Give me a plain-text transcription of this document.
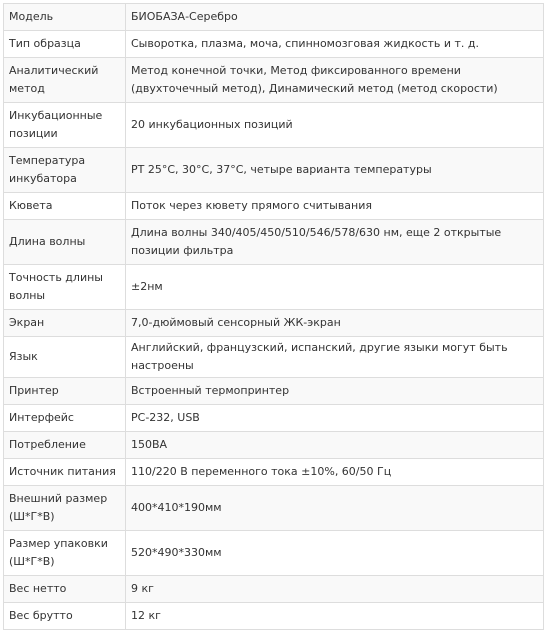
Модель	БИОБАЗА-Серебро
Тип образца	Сыворотка, плазма, моча, спинномозговая жидкость и т. д.
Аналитический метод	Метод конечной точки, Метод фиксированного времени (двухточечный метод), Динамический метод (метод скорости)
Инкубационные позиции	20 инкубационных позиций
Температура инкубатора	РТ 25°C, 30°C, 37°C, четыре варианта температуры
Кювета	Поток через кювету прямого считывания
Длина волны	Длина волны 340/405/450/510/546/578/630 нм, еще 2 открытые позиции фильтра
Точность длины волны	±2нм
Экран	7,0-дюймовый сенсорный ЖК-экран
Язык	Английский, французский, испанский, другие языки могут быть настроены
Принтер	Встроенный термопринтер
Интерфейс	РС-232, USB
Потребление	150ВА
Источник питания	110/220 В переменного тока ±10%, 60/50 Гц
Внешний размер (Ш*Г*В)	400*410*190мм
Размер упаковки (Ш*Г*В)	520*490*330мм
Вес нетто	9 кг
Вес брутто	12 кг
